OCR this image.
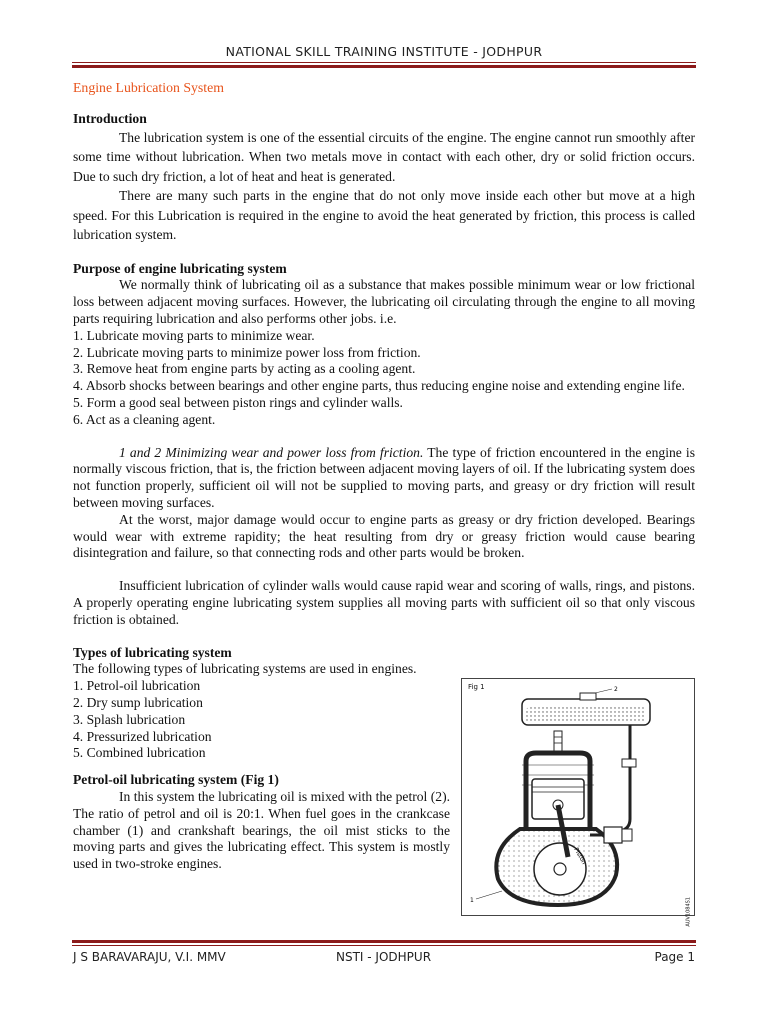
NATIONAL SKILL TRAINING INSTITUTE - JODHPUR

Engine Lubrication System

Introduction

The lubrication system is one of the essential circuits of the engine. The engine cannot run smoothly after some time without lubrication. When two metals move in contact with each other, dry or solid friction occurs. Due to such dry friction, a lot of heat and heat is generated.

There are many such parts in the engine that do not only move inside each other but move at a high speed. For this Lubrication is required in the engine to avoid the heat generated by friction, this process is called lubrication system.

Purpose of engine lubricating system

We normally think of lubricating oil as a substance that makes possible minimum wear or low frictional loss between adjacent moving surfaces. However, the lubricating oil circulating through the engine to all moving parts requiring lubrication and also performs other jobs. i.e.

1. Lubricate moving parts to minimize wear.

2. Lubricate moving parts to minimize power loss from friction.

3. Remove heat from engine parts by acting as a cooling agent.

4. Absorb shocks between bearings and other engine parts, thus reducing engine noise and extending engine life.

5. Form a good seal between piston rings and cylinder walls.

6. Act as a cleaning agent.

1 and 2 Minimizing wear and power loss from friction. The type of friction encountered in the engine is normally viscous friction, that is, the friction between adjacent moving layers of oil. If the lubricating system does not function properly, sufficient oil will not be supplied to moving parts, and greasy or dry friction will result between moving surfaces.

At the worst, major damage would occur to engine parts as greasy or dry friction developed. Bearings would wear with extreme rapidity; the heat resulting from dry or greasy friction would cause bearing disintegration and failure, so that connecting rods and other parts would be broken.

Insufficient lubrication of cylinder walls would cause rapid wear and scoring of walls, rings, and pistons. A properly operating engine lubricating system supplies all moving parts with sufficient oil so that only viscous friction is obtained.

Types of lubricating system

The following types of lubricating systems are used in engines.

1. Petrol-oil lubrication

2. Dry sump lubrication

3. Splash lubrication

4. Pressurized lubrication

5. Combined lubrication

Petrol-oil lubricating system (Fig 1)

In this system the lubricating oil is mixed with the petrol (2). The ratio of petrol and oil is 20:1. When fuel goes in the crankcase chamber (1) and crankshaft bearings, the oil mist sticks to the moving parts and gives the lubricating effect. This system is mostly used in two-stroke engines.

Fig 1	2
Piston
1	AUV1084S1
J S BARAVARAJU, V.I. MMV	NSTI - JODHPUR	Page 1
